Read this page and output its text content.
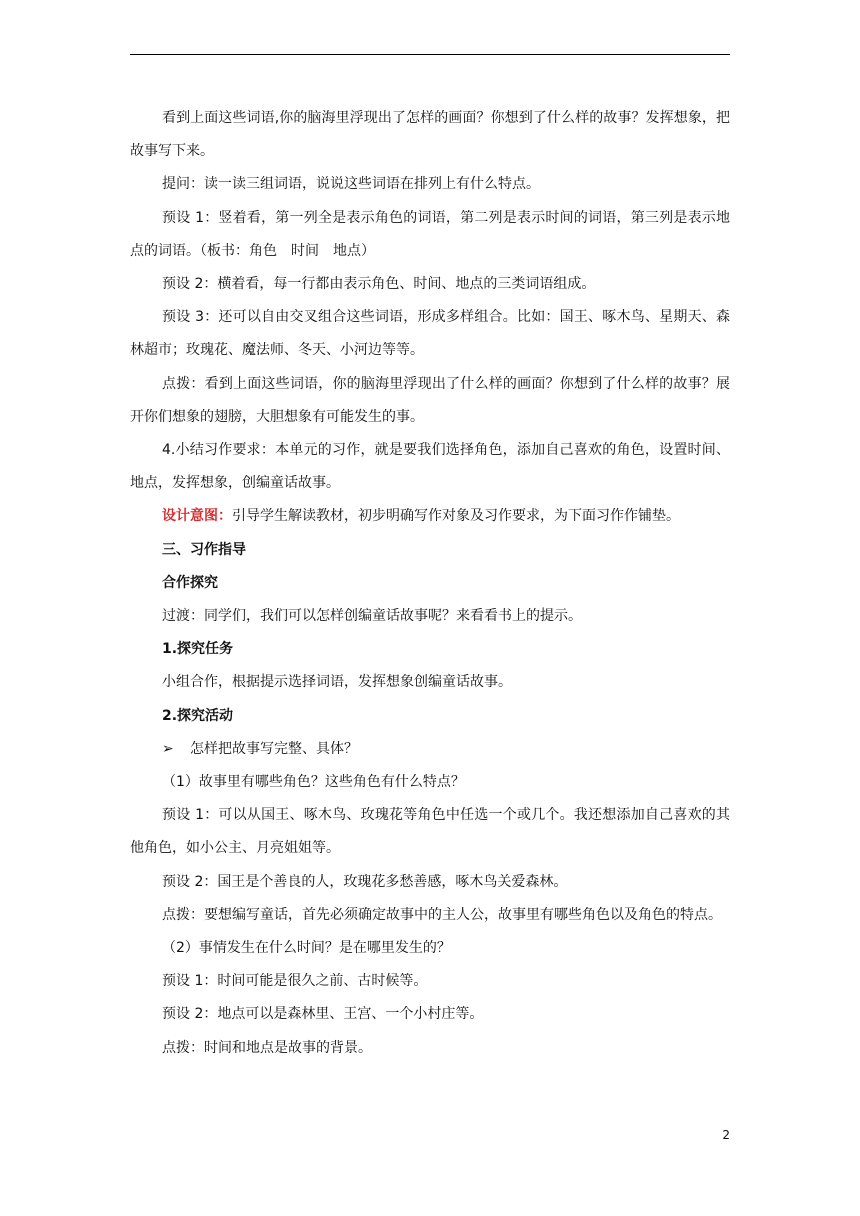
看到上面这些词语,你的脑海里浮现出了怎样的画面？你想到了什么样的故事？发挥想象，把故事写下来。

提问：读一读三组词语，说说这些词语在排列上有什么特点。

预设 1：竖着看，第一列全是表示角色的词语，第二列是表示时间的词语，第三列是表示地点的词语。（板书：角色　时间　地点）

预设 2：横着看，每一行都由表示角色、时间、地点的三类词语组成。

预设 3：还可以自由交叉组合这些词语，形成多样组合。比如：国王、啄木鸟、星期天、森林超市；玫瑰花、魔法师、冬天、小河边等等。

点拨：看到上面这些词语，你的脑海里浮现出了什么样的画面？你想到了什么样的故事？展开你们想象的翅膀，大胆想象有可能发生的事。

4.小结习作要求：本单元的习作，就是要我们选择角色，添加自己喜欢的角色，设置时间、地点，发挥想象，创编童话故事。

设计意图：引导学生解读教材，初步明确写作对象及习作要求，为下面习作作铺垫。

三、习作指导

合作探究

过渡：同学们，我们可以怎样创编童话故事呢？来看看书上的提示。

1.探究任务

小组合作，根据提示选择词语，发挥想象创编童话故事。

2.探究活动

➢ 怎样把故事写完整、具体？

（1）故事里有哪些角色？这些角色有什么特点？

预设 1：可以从国王、啄木鸟、玫瑰花等角色中任选一个或几个。我还想添加自己喜欢的其他角色，如小公主、月亮姐姐等。

预设 2：国王是个善良的人，玫瑰花多愁善感，啄木鸟关爱森林。

点拨：要想编写童话，首先必须确定故事中的主人公，故事里有哪些角色以及角色的特点。

（2）事情发生在什么时间？是在哪里发生的？

预设 1：时间可能是很久之前、古时候等。

预设 2：地点可以是森林里、王宫、一个小村庄等。

点拨：时间和地点是故事的背景。

2
